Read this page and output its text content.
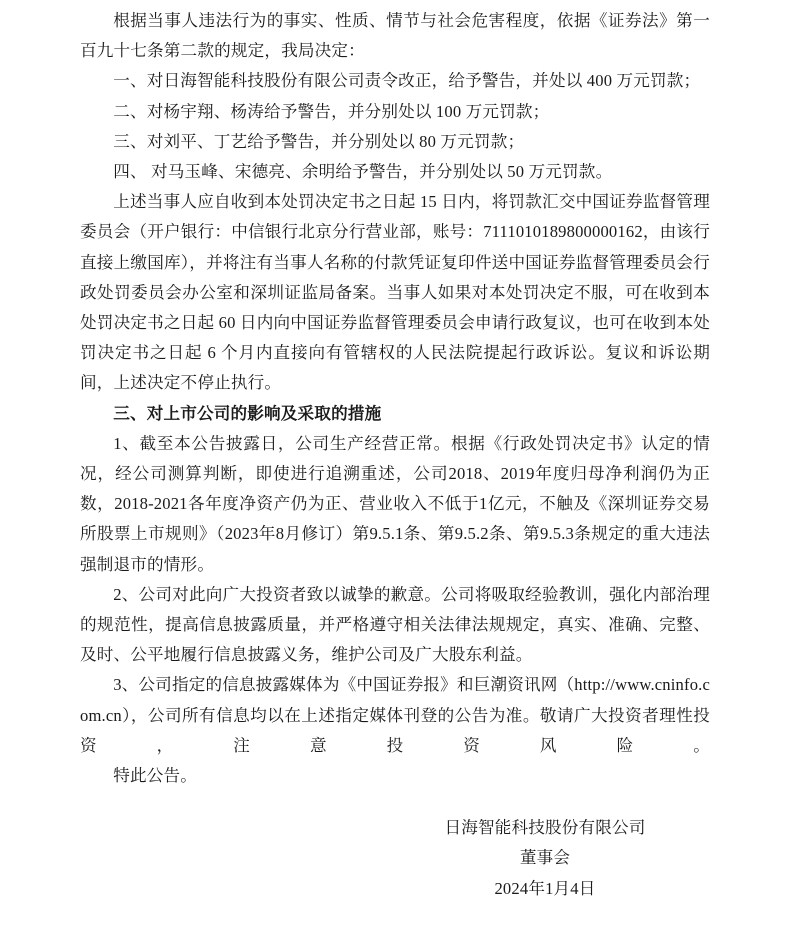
根据当事人违法行为的事实、性质、情节与社会危害程度，依据《证券法》第一百九十七条第二款的规定，我局决定：

一、对日海智能科技股份有限公司责令改正，给予警告，并处以 400 万元罚款；

二、对杨宇翔、杨涛给予警告，并分别处以 100 万元罚款；

三、对刘平、丁艺给予警告，并分别处以 80 万元罚款；

四、 对马玉峰、宋德亮、余明给予警告，并分别处以 50 万元罚款。

上述当事人应自收到本处罚决定书之日起 15 日内，将罚款汇交中国证券监督管理委员会（开户银行：中信银行北京分行营业部，账号：7111010189800000162，由该行直接上缴国库），并将注有当事人名称的付款凭证复印件送中国证券监督管理委员会行政处罚委员会办公室和深圳证监局备案。当事人如果对本处罚决定不服，可在收到本处罚决定书之日起 60 日内向中国证券监督管理委员会申请行政复议，也可在收到本处罚决定书之日起 6 个月内直接向有管辖权的人民法院提起行政诉讼。复议和诉讼期间，上述决定不停止执行。

三、对上市公司的影响及采取的措施

1、截至本公告披露日，公司生产经营正常。根据《行政处罚决定书》认定的情况，经公司测算判断，即使进行追溯重述，公司2018、2019年度归母净利润仍为正数，2018-2021各年度净资产仍为正、营业收入不低于1亿元，不触及《深圳证券交易所股票上市规则》（2023年8月修订）第9.5.1条、第9.5.2条、第9.5.3条规定的重大违法强制退市的情形。

2、公司对此向广大投资者致以诚挚的歉意。公司将吸取经验教训，强化内部治理的规范性，提高信息披露质量，并严格遵守相关法律法规规定，真实、准确、完整、及时、公平地履行信息披露义务，维护公司及广大股东利益。

3、公司指定的信息披露媒体为《中国证券报》和巨潮资讯网（http://www.cninfo.com.cn），公司所有信息均以在上述指定媒体刊登的公告为准。敬请广大投资者理性投资，注意投资风险。

特此公告。

日海智能科技股份有限公司
董事会
2024年1月4日
